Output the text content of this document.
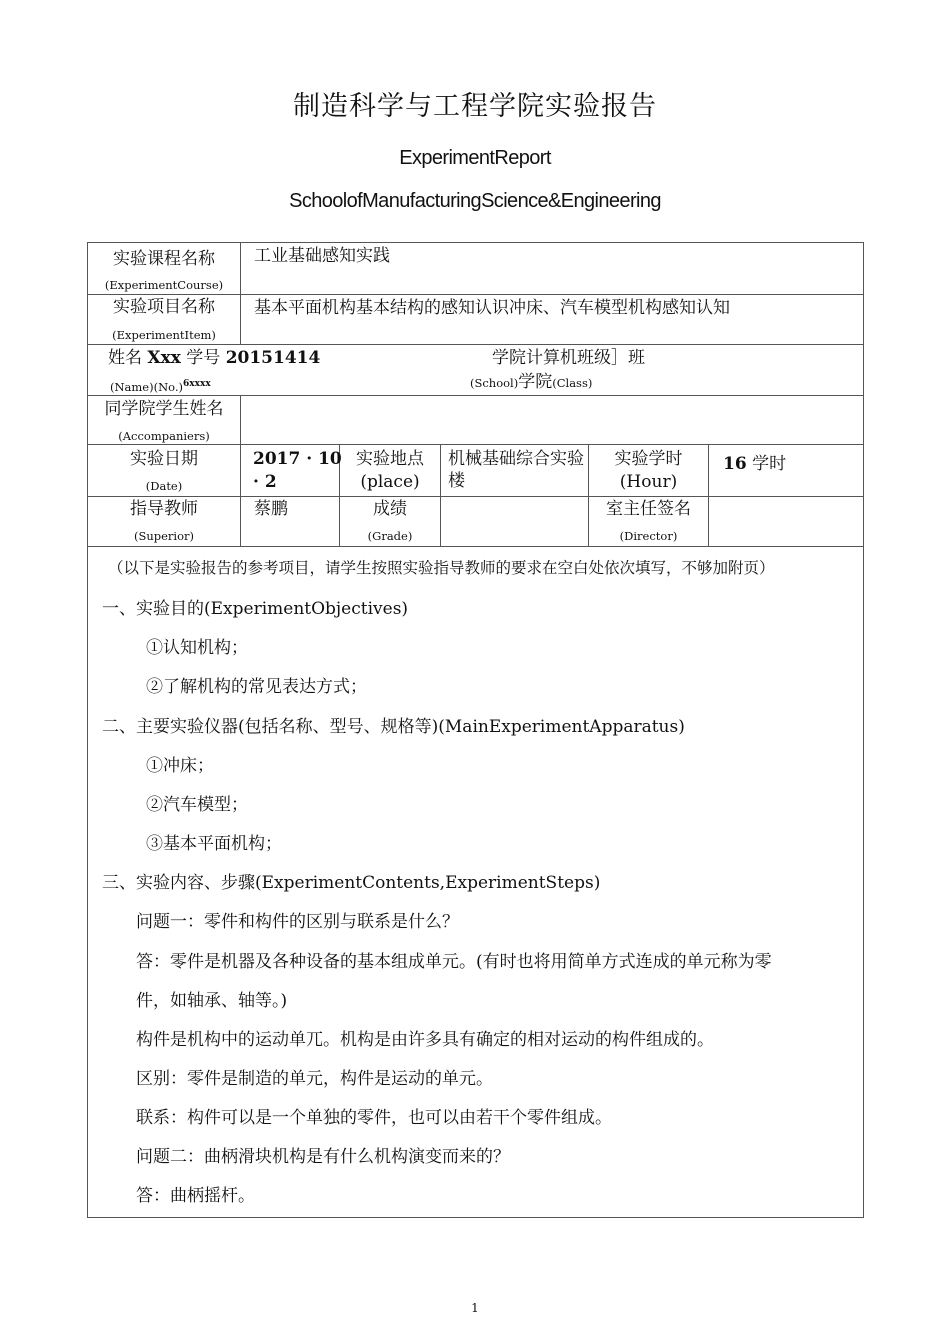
制造科学与工程学院实验报告
ExperimentReport
SchoolofManufacturingScience&Engineering
实验课程名称
(ExperimentCourse)
工业基础感知实践
实验项目名称
(ExperimentItem)
基本平面机构基本结构的感知认识冲床、汽车模型机构感知认知
姓名 Xxx 学号 20151414
$(Name)(No.)^{6xxxx}$
学院计算机班级］班
(School)学院(Class)
同学院学生姓名
(Accompaniers)
实验日期
(Date)
2017 · 10
· 2
实验地点
(place)
机械基础综合实验楼
实验学时
(Hour)
16 学时
指导教师
(Superior)
蔡鹏	成绩
(Grade)
室主任签名
(Director)
（以下是实验报告的参考项目，请学生按照实验指导教师的要求在空白处依次填写，不够加附页）
一、实验目的(ExperimentObjectives)
①认知机构；
②了解机构的常见表达方式；
二、主要实验仪器(包括名称、型号、规格等)(MainExperimentApparatus)
①冲床；
②汽车模型；
③基本平面机构；
三、实验内容、步骤(ExperimentContents,ExperimentSteps)
问题一：零件和构件的区别与联系是什么？
答：零件是机器及各种设备的基本组成单元。(有时也将用简单方式连成的单元称为零
件，如轴承、轴等。)
构件是机构中的运动单兀。机构是由许多具有确定的相对运动的构件组成的。
区别：零件是制造的单元，构件是运动的单元。
联系：构件可以是一个单独的零件，也可以由若干个零件组成。
问题二：曲柄滑块机构是有什么机构演变而来的？
答：曲柄摇杆。
1
